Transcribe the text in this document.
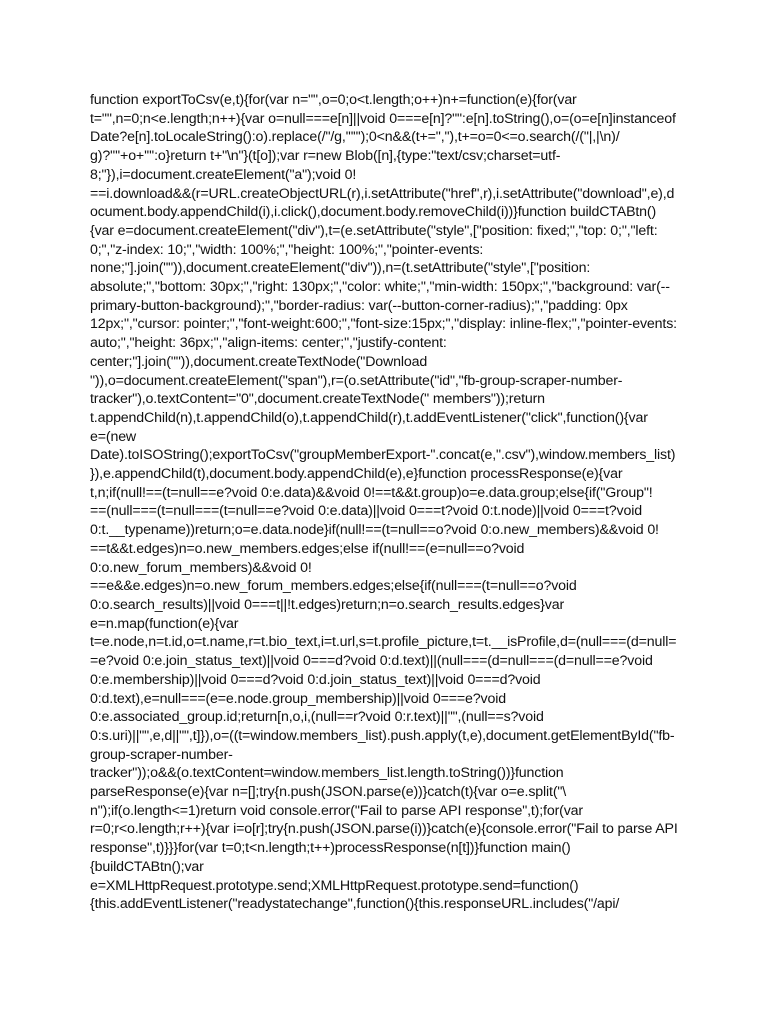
function exportToCsv(e,t){for(var n="",o=0;o<t.length;o++)n+=function(e){for(var
t="",n=0;n<e.length;n++){var o=null===e[n]||void 0===e[n]?"":e[n].toString(),o=(o=e[n]instanceof
Date?e[n].toLocaleString():o).replace(/"/g,'""');0<n&&(t+=","),t+=o=0<=o.search(/("|,|\n)/
g)?'"'+o+'"':o}return t+"\n"}(t[o]);var r=new Blob([n],{type:"text/csv;charset=utf-
8;"}),i=document.createElement("a");void 0!
==i.download&&(r=URL.createObjectURL(r),i.setAttribute("href",r),i.setAttribute("download",e),d
ocument.body.appendChild(i),i.click(),document.body.removeChild(i))}function buildCTABtn()
{var e=document.createElement("div"),t=(e.setAttribute("style",["position: fixed;","top: 0;","left:
0;","z-index: 10;","width: 100%;","height: 100%;","pointer-events:
none;"].join("")),document.createElement("div")),n=(t.setAttribute("style",["position:
absolute;","bottom: 30px;","right: 130px;","color: white;","min-width: 150px;","background: var(--
primary-button-background);","border-radius: var(--button-corner-radius);","padding: 0px
12px;","cursor: pointer;","font-weight:600;","font-size:15px;","display: inline-flex;","pointer-events:
auto;","height: 36px;","align-items: center;","justify-content:
center;"].join("")),document.createTextNode("Download
")),o=document.createElement("span"),r=(o.setAttribute("id","fb-group-scraper-number-
tracker"),o.textContent="0",document.createTextNode(" members"));return
t.appendChild(n),t.appendChild(o),t.appendChild(r),t.addEventListener("click",function(){var
e=(new
Date).toISOString();exportToCsv("groupMemberExport-".concat(e,".csv"),window.members_list)
}),e.appendChild(t),document.body.appendChild(e),e}function processResponse(e){var
t,n;if(null!==(t=null==e?void 0:e.data)&&void 0!==t&&t.group)o=e.data.group;else{if("Group"!
==(null===(t=null===(t=null==e?void 0:e.data)||void 0===t?void 0:t.node)||void 0===t?void
0:t.__typename))return;o=e.data.node}if(null!==(t=null==o?void 0:o.new_members)&&void 0!
==t&&t.edges)n=o.new_members.edges;else if(null!==(e=null==o?void
0:o.new_forum_members)&&void 0!
==e&&e.edges)n=o.new_forum_members.edges;else{if(null===(t=null==o?void
0:o.search_results)||void 0===t||!t.edges)return;n=o.search_results.edges}var
e=n.map(function(e){var
t=e.node,n=t.id,o=t.name,r=t.bio_text,i=t.url,s=t.profile_picture,t=t.__isProfile,d=(null===(d=null=
=e?void 0:e.join_status_text)||void 0===d?void 0:d.text)||(null===(d=null===(d=null==e?void
0:e.membership)||void 0===d?void 0:d.join_status_text)||void 0===d?void
0:d.text),e=null===(e=e.node.group_membership)||void 0===e?void
0:e.associated_group.id;return[n,o,i,(null==r?void 0:r.text)||"",(null==s?void
0:s.uri)||"",e,d||"",t]}),o=((t=window.members_list).push.apply(t,e),document.getElementById("fb-
group-scraper-number-
tracker"));o&&(o.textContent=window.members_list.length.toString())}function
parseResponse(e){var n=[];try{n.push(JSON.parse(e))}catch(t){var o=e.split("\
n");if(o.length<=1)return void console.error("Fail to parse API response",t);for(var
r=0;r<o.length;r++){var i=o[r];try{n.push(JSON.parse(i))}catch(e){console.error("Fail to parse API
response",t)}}}for(var t=0;t<n.length;t++)processResponse(n[t])}function main()
{buildCTABtn();var
e=XMLHttpRequest.prototype.send;XMLHttpRequest.prototype.send=function()
{this.addEventListener("readystatechange",function(){this.responseURL.includes("/api/
